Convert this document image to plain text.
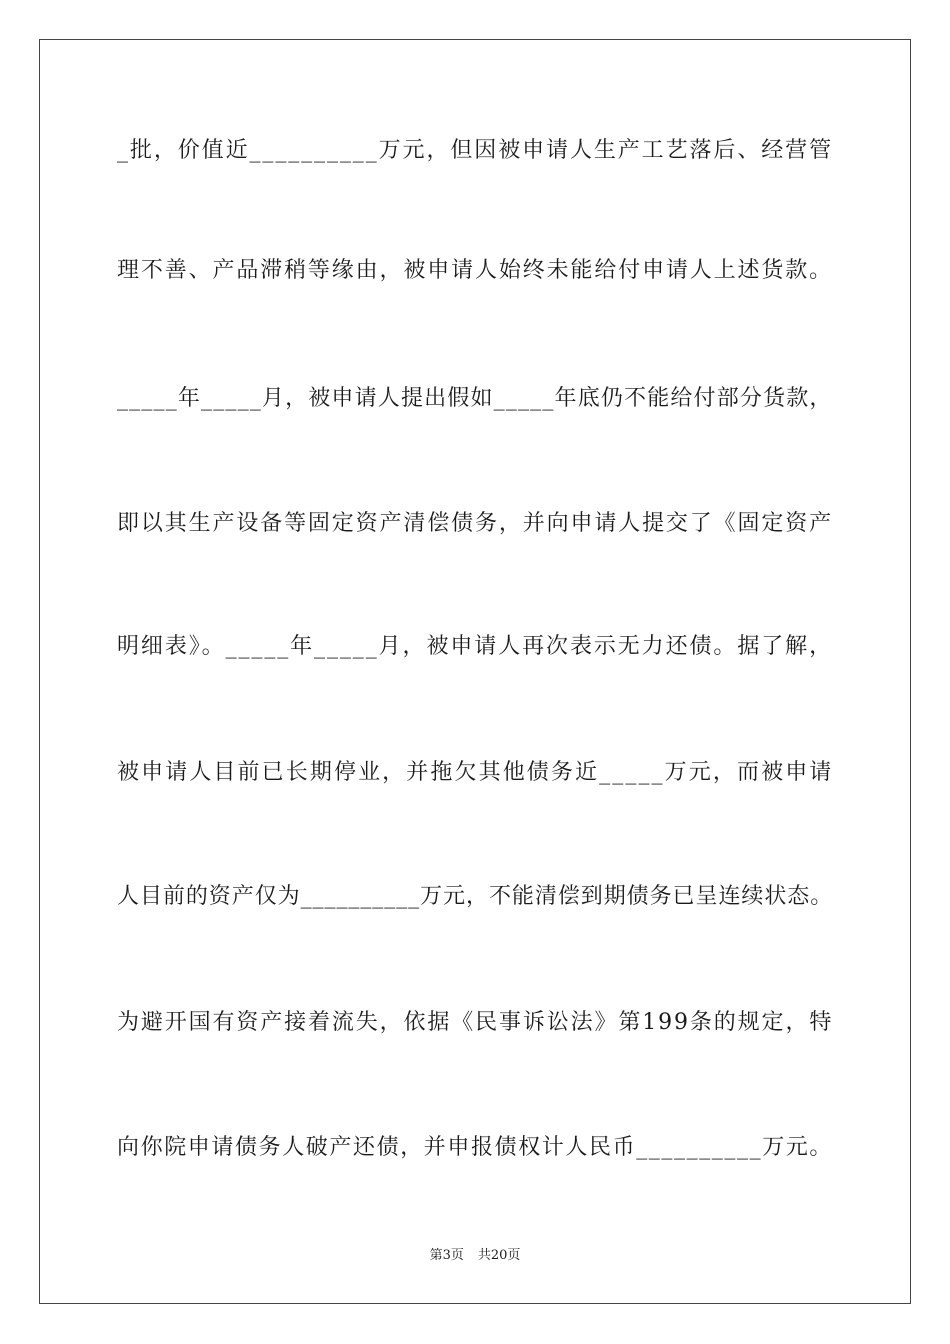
_批，价值近__________万元，但因被申请人生产工艺落后、经营管
理不善、产品滞稍等缘由，被申请人始终未能给付申请人上述货款。
_____年_____月，被申请人提出假如_____年底仍不能给付部分货款，
即以其生产设备等固定资产清偿债务，并向申请人提交了《固定资产
明细表》。_____年_____月，被申请人再次表示无力还债。据了解，
被申请人目前已长期停业，并拖欠其他债务近_____万元，而被申请
人目前的资产仅为__________万元，不能清偿到期债务已呈连续状态。
为避开国有资产接着流失，依据《民事诉讼法》第199条的规定，特
向你院申请债务人破产还债，并申报债权计人民币__________万元。
第3页 共20页
